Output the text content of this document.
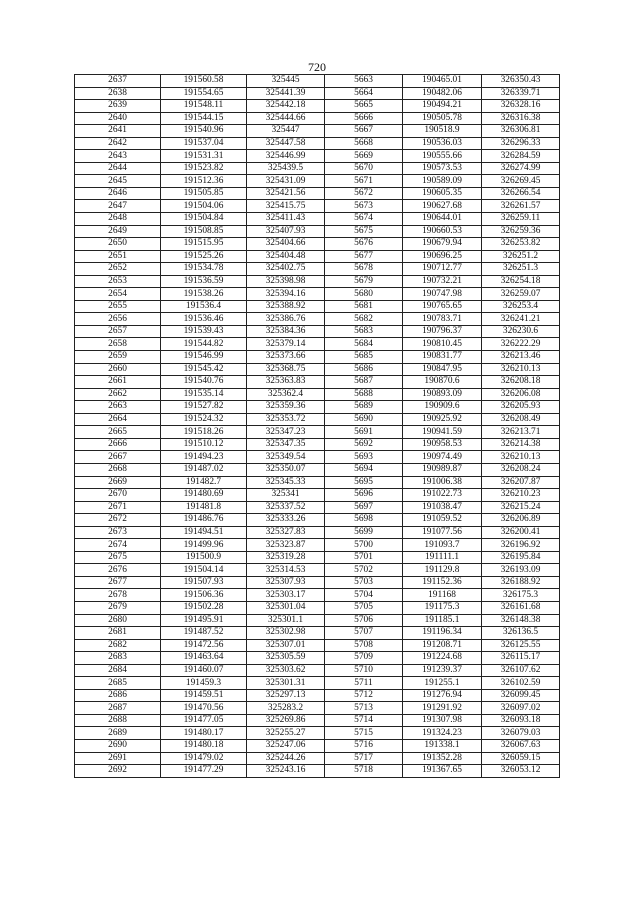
720
2637	191560.58	325445	5663	190465.01	326350.43
2638	191554.65	325441.39	5664	190482.06	326339.71
2639	191548.11	325442.18	5665	190494.21	326328.16
2640	191544.15	325444.66	5666	190505.78	326316.38
2641	191540.96	325447	5667	190518.9	326306.81
2642	191537.04	325447.58	5668	190536.03	326296.33
2643	191531.31	325446.99	5669	190555.66	326284.59
2644	191523.82	325439.5	5670	190573.53	326274.99
2645	191512.36	325431.09	5671	190589.09	326269.45
2646	191505.85	325421.56	5672	190605.35	326266.54
2647	191504.06	325415.75	5673	190627.68	326261.57
2648	191504.84	325411.43	5674	190644.01	326259.11
2649	191508.85	325407.93	5675	190660.53	326259.36
2650	191515.95	325404.66	5676	190679.94	326253.82
2651	191525.26	325404.48	5677	190696.25	326251.2
2652	191534.78	325402.75	5678	190712.77	326251.3
2653	191536.59	325398.98	5679	190732.21	326254.18
2654	191538.26	325394.16	5680	190747.98	326259.07
2655	191536.4	325388.92	5681	190765.65	326253.4
2656	191536.46	325386.76	5682	190783.71	326241.21
2657	191539.43	325384.36	5683	190796.37	326230.6
2658	191544.82	325379.14	5684	190810.45	326222.29
2659	191546.99	325373.66	5685	190831.77	326213.46
2660	191545.42	325368.75	5686	190847.95	326210.13
2661	191540.76	325363.83	5687	190870.6	326208.18
2662	191535.14	325362.4	5688	190893.09	326206.08
2663	191527.82	325359.36	5689	190909.6	326205.93
2664	191524.32	325353.72	5690	190925.92	326208.49
2665	191518.26	325347.23	5691	190941.59	326213.71
2666	191510.12	325347.35	5692	190958.53	326214.38
2667	191494.23	325349.54	5693	190974.49	326210.13
2668	191487.02	325350.07	5694	190989.87	326208.24
2669	191482.7	325345.33	5695	191006.38	326207.87
2670	191480.69	325341	5696	191022.73	326210.23
2671	191481.8	325337.52	5697	191038.47	326215.24
2672	191486.76	325333.26	5698	191059.52	326206.89
2673	191494.51	325327.83	5699	191077.56	326200.41
2674	191499.96	325323.87	5700	191093.7	326196.92
2675	191500.9	325319.28	5701	191111.1	326195.84
2676	191504.14	325314.53	5702	191129.8	326193.09
2677	191507.93	325307.93	5703	191152.36	326188.92
2678	191506.36	325303.17	5704	191168	326175.3
2679	191502.28	325301.04	5705	191175.3	326161.68
2680	191495.91	325301.1	5706	191185.1	326148.38
2681	191487.52	325302.98	5707	191196.34	326136.5
2682	191472.56	325307.01	5708	191208.71	326125.55
2683	191463.64	325305.59	5709	191224.68	326115.17
2684	191460.07	325303.62	5710	191239.37	326107.62
2685	191459.3	325301.31	5711	191255.1	326102.59
2686	191459.51	325297.13	5712	191276.94	326099.45
2687	191470.56	325283.2	5713	191291.92	326097.02
2688	191477.05	325269.86	5714	191307.98	326093.18
2689	191480.17	325255.27	5715	191324.23	326079.03
2690	191480.18	325247.06	5716	191338.1	326067.63
2691	191479.02	325244.26	5717	191352.28	326059.15
2692	191477.29	325243.16	5718	191367.65	326053.12
